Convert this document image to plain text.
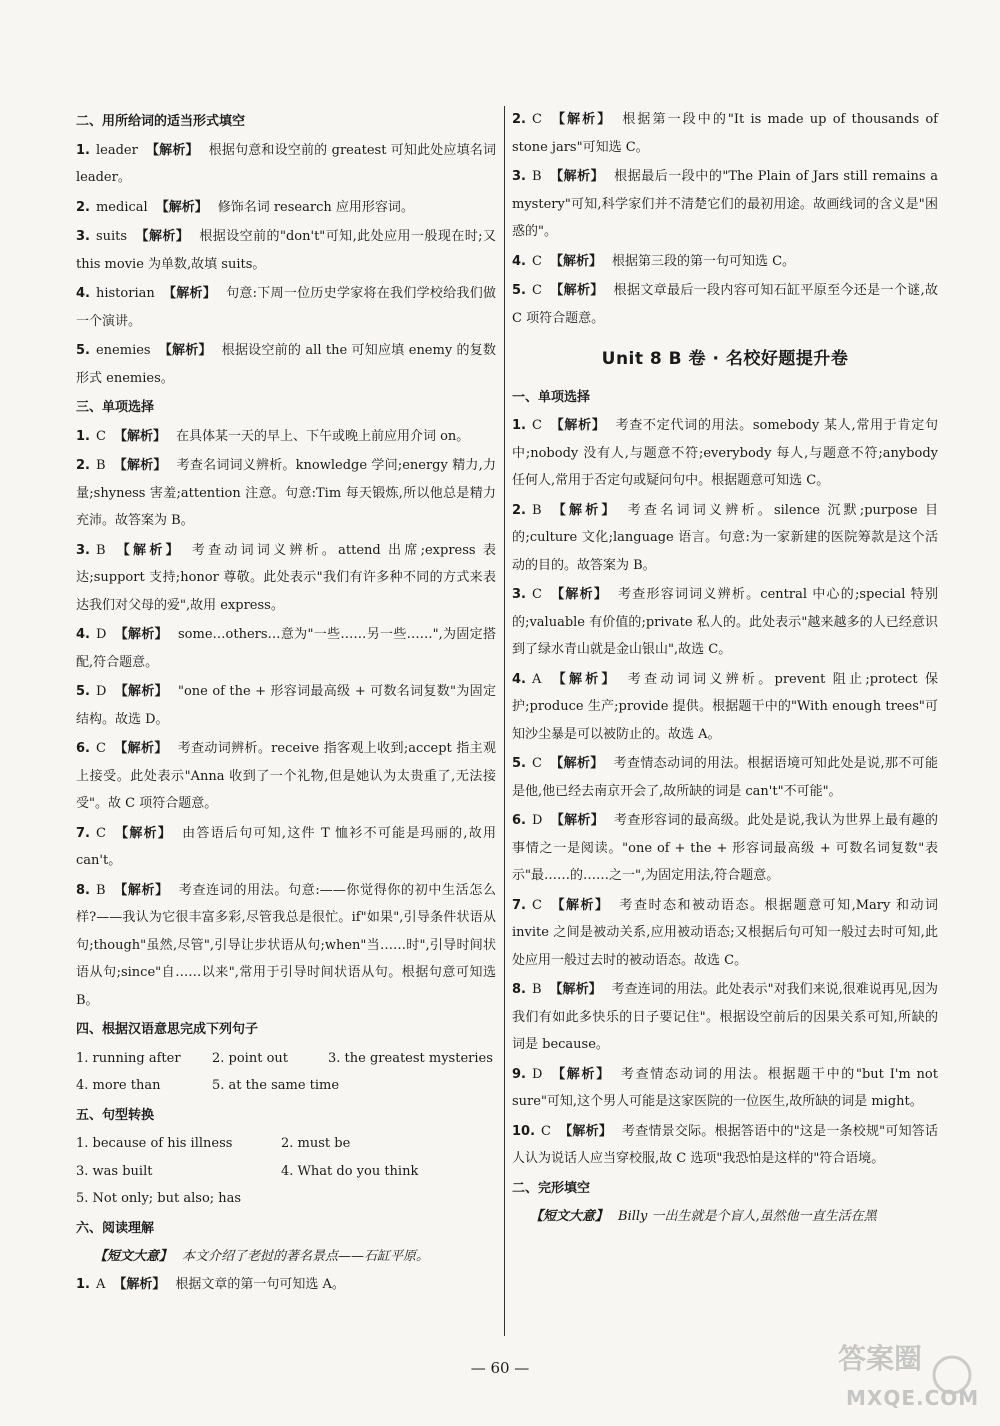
二、用所给词的适当形式填空
1. leader 【解析】 根据句意和设空前的 greatest 可知此处应填名词 leader。
2. medical 【解析】 修饰名词 research 应用形容词。
3. suits 【解析】 根据设空前的"don't"可知,此处应用一般现在时;又 this movie 为单数,故填 suits。
4. historian 【解析】 句意:下周一位历史学家将在我们学校给我们做一个演讲。
5. enemies 【解析】 根据设空前的 all the 可知应填 enemy 的复数形式 enemies。
三、单项选择
1. C 【解析】 在具体某一天的早上、下午或晚上前应用介词 on。
2. B 【解析】 考查名词词义辨析。knowledge 学问;energy 精力,力量;shyness 害羞;attention 注意。句意:Tim 每天锻炼,所以他总是精力充沛。故答案为 B。
3. B 【解析】 考查动词词义辨析。attend 出席;express 表达;support 支持;honor 尊敬。此处表示"我们有许多种不同的方式来表达我们对父母的爱",故用 express。
4. D 【解析】 some…others…意为"一些……另一些……",为固定搭配,符合题意。
5. D 【解析】 "one of the + 形容词最高级 + 可数名词复数"为固定结构。故选 D。
6. C 【解析】 考查动词辨析。receive 指客观上收到;accept 指主观上接受。此处表示"Anna 收到了一个礼物,但是她认为太贵重了,无法接受"。故 C 项符合题意。
7. C 【解析】 由答语后句可知,这件 T 恤衫不可能是玛丽的,故用 can't。
8. B 【解析】 考查连词的用法。句意:——你觉得你的初中生活怎么样?——我认为它很丰富多彩,尽管我总是很忙。if"如果",引导条件状语从句;though"虽然,尽管",引导让步状语从句;when"当……时",引导时间状语从句;since"自……以来",常用于引导时间状语从句。根据句意可知选 B。
四、根据汉语意思完成下列句子
1. running after	2. point out	3. the greatest mysteries
4. more than	5. at the same time
五、句型转换
1. because of his illness	2. must be
3. was built	4. What do you think
5. Not only; but also; has
六、阅读理解
【短文大意】 本文介绍了老挝的著名景点——石缸平原。
1. A 【解析】 根据文章的第一句可知选 A。
2. C 【解析】 根据第一段中的"It is made up of thousands of stone jars"可知选 C。
3. B 【解析】 根据最后一段中的"The Plain of Jars still remains a mystery"可知,科学家们并不清楚它们的最初用途。故画线词的含义是"困惑的"。
4. C 【解析】 根据第三段的第一句可知选 C。
5. C 【解析】 根据文章最后一段内容可知石缸平原至今还是一个谜,故 C 项符合题意。
Unit 8 B 卷 · 名校好题提升卷
一、单项选择
1. C 【解析】 考查不定代词的用法。somebody 某人,常用于肯定句中;nobody 没有人,与题意不符;everybody 每人,与题意不符;anybody 任何人,常用于否定句或疑问句中。根据题意可知选 C。
2. B 【解析】 考查名词词义辨析。silence 沉默;purpose 目的;culture 文化;language 语言。句意:为一家新建的医院筹款是这个活动的目的。故答案为 B。
3. C 【解析】 考查形容词词义辨析。central 中心的;special 特别的;valuable 有价值的;private 私人的。此处表示"越来越多的人已经意识到了绿水青山就是金山银山",故选 C。
4. A 【解析】 考查动词词义辨析。prevent 阻止;protect 保护;produce 生产;provide 提供。根据题干中的"With enough trees"可知沙尘暴是可以被防止的。故选 A。
5. C 【解析】 考查情态动词的用法。根据语境可知此处是说,那不可能是他,他已经去南京开会了,故所缺的词是 can't"不可能"。
6. D 【解析】 考查形容词的最高级。此处是说,我认为世界上最有趣的事情之一是阅读。"one of + the + 形容词最高级 + 可数名词复数"表示"最……的……之一",为固定用法,符合题意。
7. C 【解析】 考查时态和被动语态。根据题意可知,Mary 和动词 invite 之间是被动关系,应用被动语态;又根据后句可知一般过去时可知,此处应用一般过去时的被动语态。故选 C。
8. B 【解析】 考查连词的用法。此处表示"对我们来说,很难说再见,因为我们有如此多快乐的日子要记住"。根据设空前后的因果关系可知,所缺的词是 because。
9. D 【解析】 考查情态动词的用法。根据题干中的"but I'm not sure"可知,这个男人可能是这家医院的一位医生,故所缺的词是 might。
10. C 【解析】 考查情景交际。根据答语中的"这是一条校规"可知答话人认为说话人应当穿校服,故 C 选项"我恐怕是这样的"符合语境。
二、完形填空
【短文大意】 Billy 一出生就是个盲人,虽然他一直生活在黑
— 60 —	答案圈
MXQE.COM
